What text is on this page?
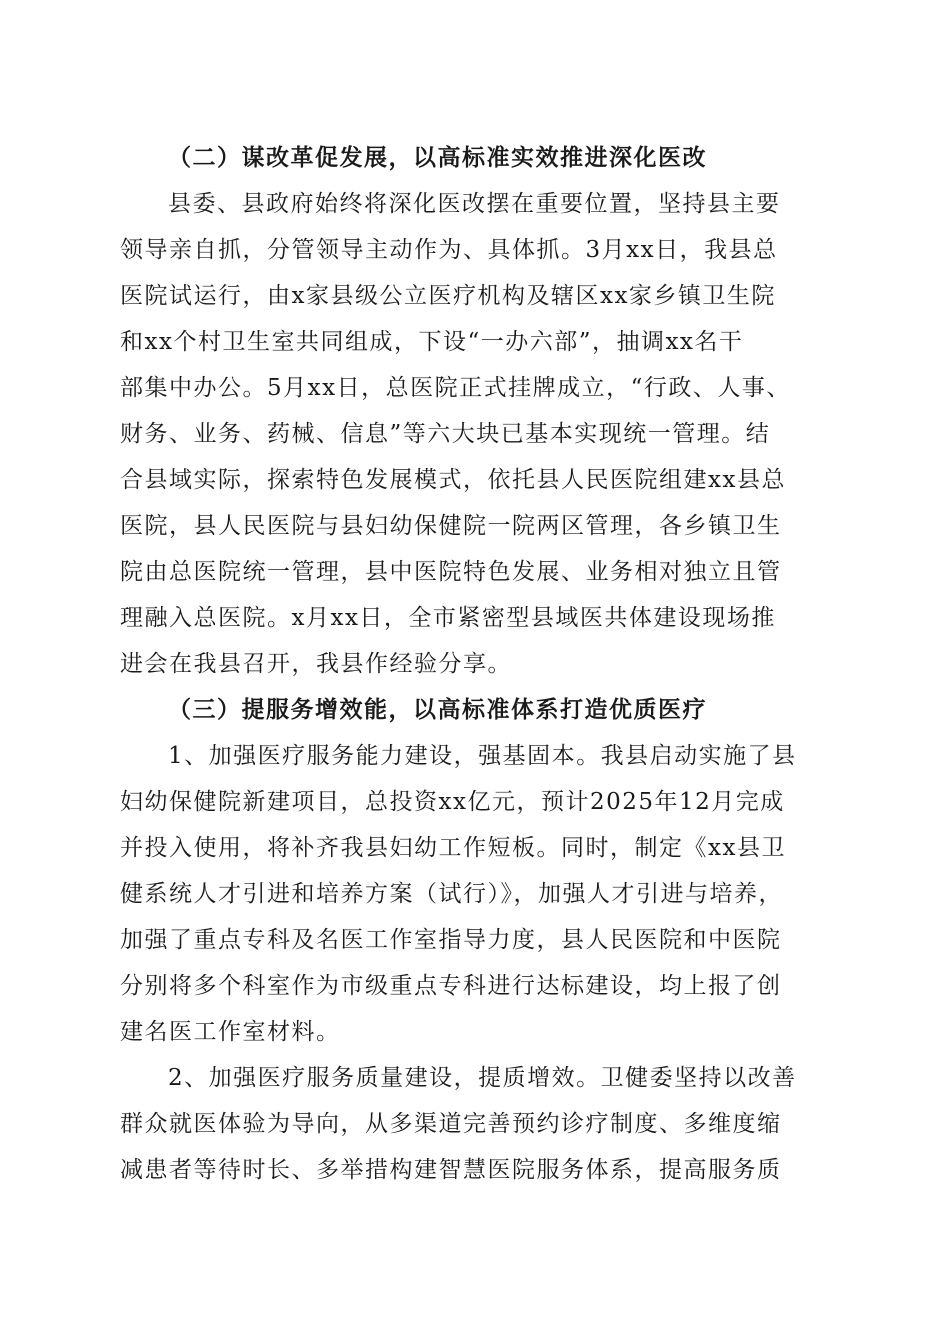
（二）谋改革促发展，以高标准实效推进深化医改

县委、县政府始终将深化医改摆在重要位置，坚持县主要
领导亲自抓，分管领导主动作为、具体抓。3月xx日，我县总
医院试运行，由x家县级公立医疗机构及辖区xx家乡镇卫生院
和xx个村卫生室共同组成，下设“一办六部”，抽调xx名干
部集中办公。5月xx日，总医院正式挂牌成立，“行政、人事、
财务、业务、药械、信息”等六大块已基本实现统一管理。结
合县域实际，探索特色发展模式，依托县人民医院组建xx县总
医院，县人民医院与县妇幼保健院一院两区管理，各乡镇卫生
院由总医院统一管理，县中医院特色发展、业务相对独立且管
理融入总医院。x月xx日，全市紧密型县域医共体建设现场推
进会在我县召开，我县作经验分享。

（三）提服务增效能，以高标准体系打造优质医疗

1、加强医疗服务能力建设，强基固本。我县启动实施了县
妇幼保健院新建项目，总投资xx亿元，预计2025年12月完成
并投入使用，将补齐我县妇幼工作短板。同时，制定《xx县卫
健系统人才引进和培养方案（试行）》，加强人才引进与培养，
加强了重点专科及名医工作室指导力度，县人民医院和中医院
分别将多个科室作为市级重点专科进行达标建设，均上报了创
建名医工作室材料。
2、加强医疗服务质量建设，提质增效。卫健委坚持以改善
群众就医体验为导向，从多渠道完善预约诊疗制度、多维度缩
减患者等待时长、多举措构建智慧医院服务体系，提高服务质
